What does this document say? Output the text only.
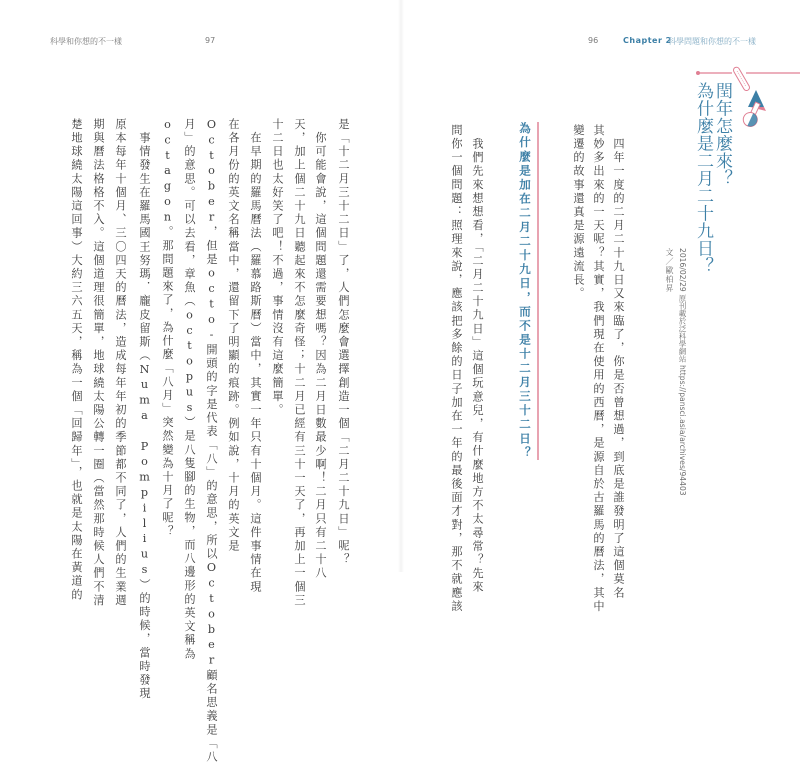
科學和你想的不一樣	97	96	Chapter 2
科學問題和你想的不一樣
閏年怎麼來？
為什麼是二月二十九日？
2016/02/29 原刊載於泛科學網站 https://pansci.asia/archives/94403
文／歐柏昇
　四年一度的二月二十九日又來臨了，你是否曾想過，到底是誰發明了這個莫名
其妙多出來的一天呢？其實，我們現在使用的西曆，是源自於古羅馬的曆法，其中
變遷的故事還真是源遠流長。
為什麼是加在二月二十九日，而不是十二月三十二日？
　我們先來想想看，「二月二十九日」這個玩意兒，有什麼地方不太尋常？先來
問你一個問題：照理來說，應該把多餘的日子加在一年的最後面才對，那不就應該
是「十二月三十二日」了，人們怎麼會選擇創造一個「二月二十九日」呢？
　你可能會說，這個問題還需要想嗎？因為二月日數最少啊！二月只有二十八
天，加上個二十九日聽起來不怎麼奇怪；十二月已經有三十一天了，再加上一個三
十二日也太好笑了吧！不過，事情沒有這麼簡單。
　在早期的羅馬曆法（羅慕路斯曆）當中，其實一年只有十個月。這件事情在現
在各月份的英文名稱當中，還留下了明顯的痕跡。例如說，十月的英文是
October，但是octo-開頭的字是代表「八」的意思，所以October顧名思義是「八
月」的意思。可以去看，章魚（octopus）是八隻腳的生物，而八邊形的英文稱為
octagon。那問題來了，為什麼「八月」突然變為十月了呢？
　事情發生在羅馬國王努瑪．龐皮留斯（Numa Pompilius）的時候，當時發現
原本每年十個月、三〇四天的曆法，造成每年年初的季節都不同了，人們的生業週
期與曆法格格不入。這個道理很簡單，地球繞太陽公轉一圈（當然那時候人們不清
楚地球繞太陽這回事）大約三六五天，稱為一個「回歸年」，也就是太陽在黃道的
